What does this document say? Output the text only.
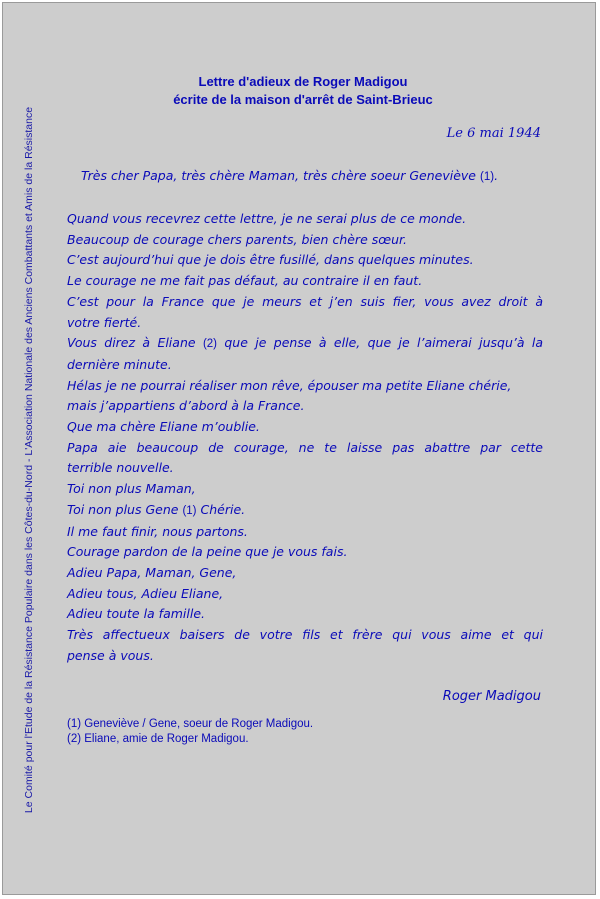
Le Comité pour l'Etude de la Résistance Populaire dans les Côtes-du-Nord - L'Association Nationale des Anciens Combattants et Amis de la Résistance
Lettre d'adieux de Roger Madigou
écrite de la maison d'arrêt de Saint-Brieuc
Le 6 mai 1944
Très cher Papa, très chère Maman, très chère soeur Geneviève (1).
Quand vous recevrez cette lettre, je ne serai plus de ce monde.
Beaucoup de courage chers parents, bien chère sœur.
C’est aujourd’hui que je dois être fusillé, dans quelques minutes.
Le courage ne me fait pas défaut, au contraire il en faut.
C’est pour la France que je meurs et j’en suis fier, vous avez droit à
votre fierté.
Vous direz à Eliane (2) que je pense à elle, que je l’aimerai jusqu’à la
dernière minute.
Hélas je ne pourrai réaliser mon rêve, épouser ma petite Eliane chérie,
mais j’appartiens d’abord à la France.
Que ma chère Eliane m’oublie.
Papa aie beaucoup de courage, ne te laisse pas abattre par cette
terrible nouvelle.
Toi non plus Maman,
Toi non plus Gene (1) Chérie.
Il me faut finir, nous partons.
Courage pardon de la peine que je vous fais.
Adieu Papa, Maman, Gene,
Adieu tous, Adieu Eliane,
Adieu toute la famille.
Très affectueux baisers de votre fils et frère qui vous aime et qui
pense à vous.
Roger Madigou
(1) Geneviève / Gene, soeur de Roger Madigou.
(2) Eliane, amie de Roger Madigou.
